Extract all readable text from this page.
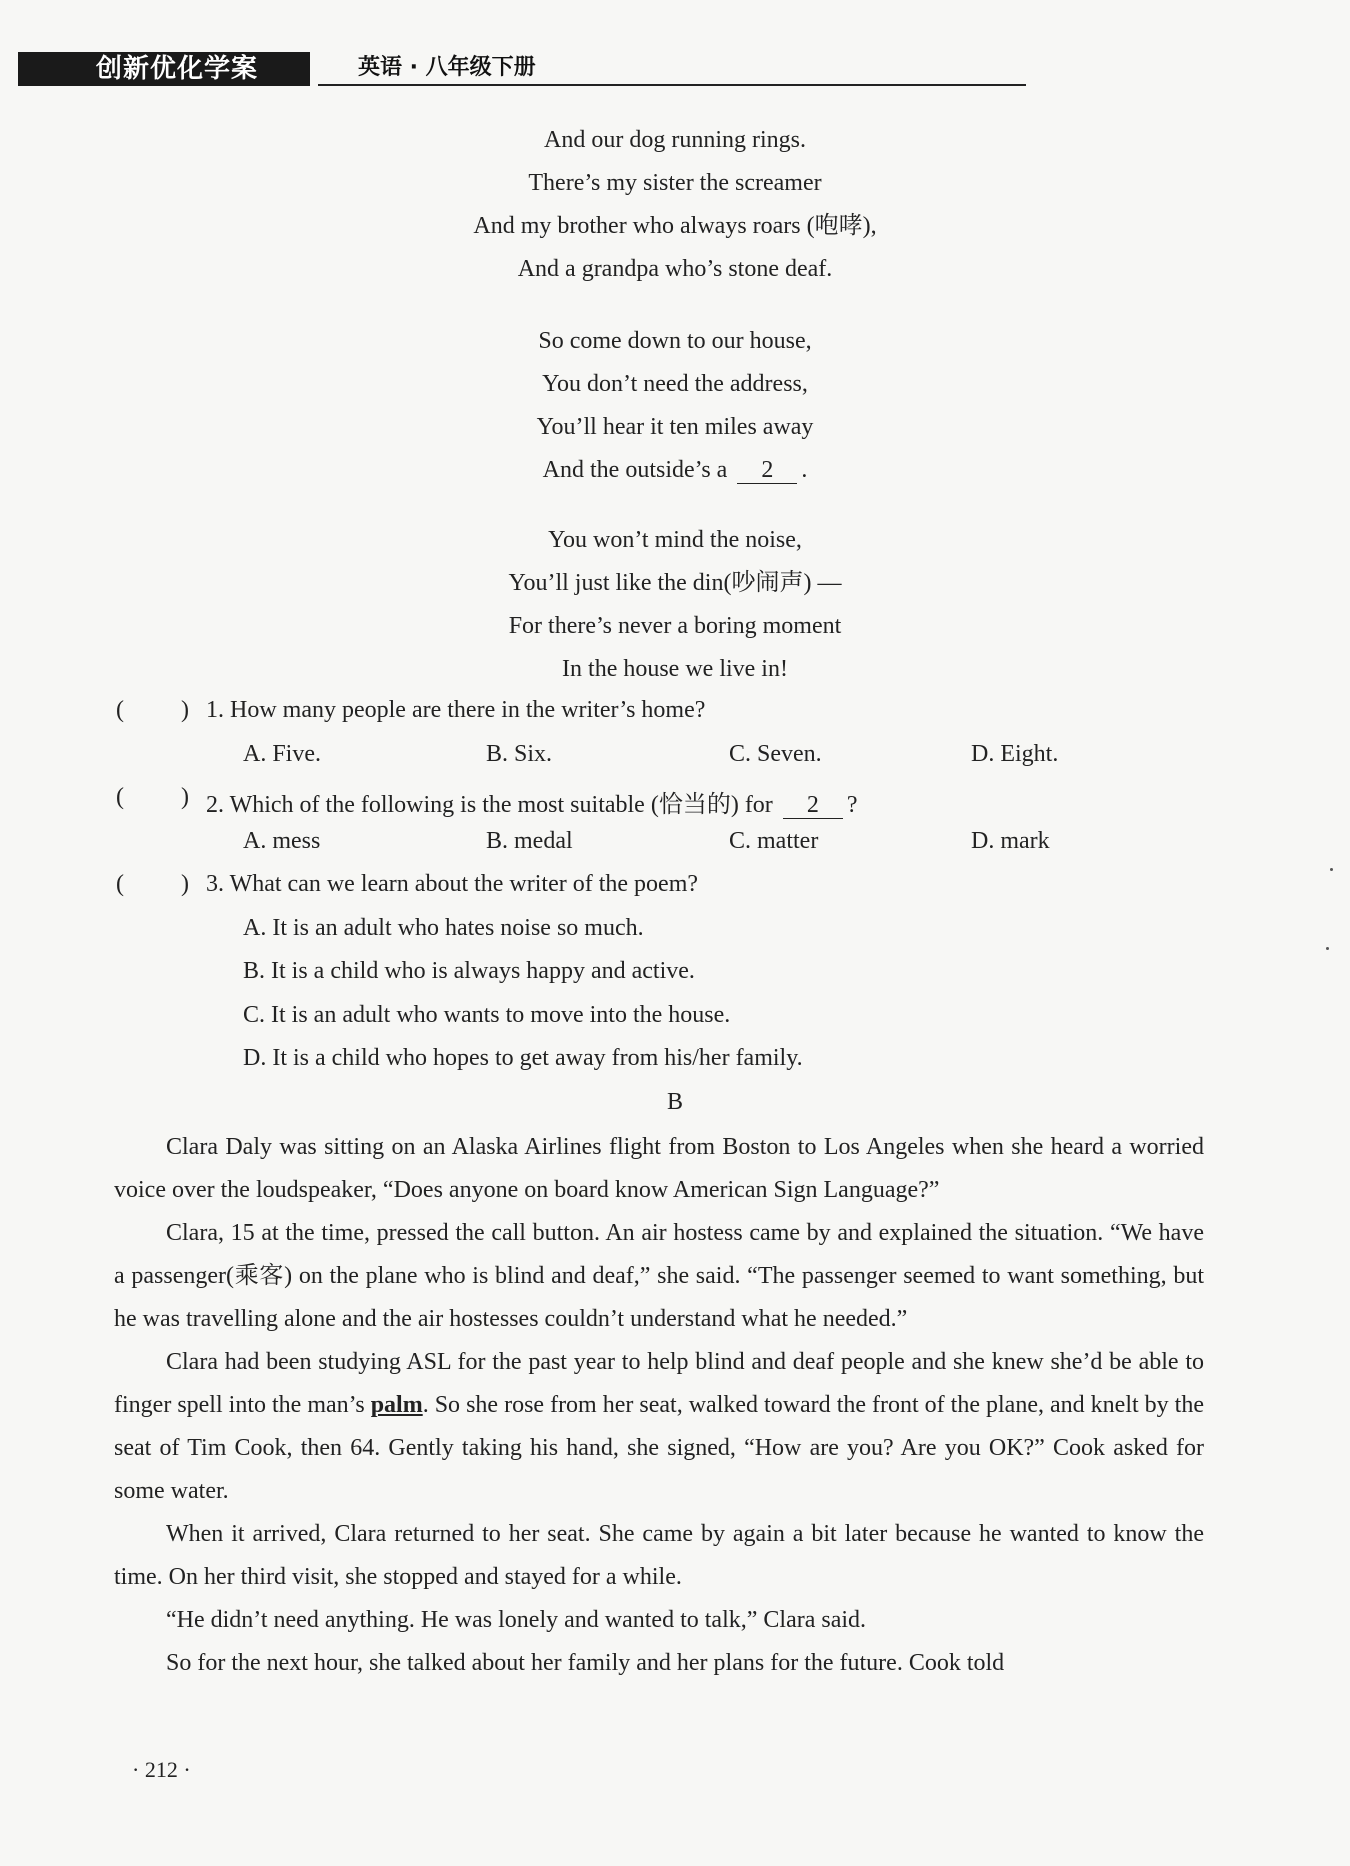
创新优化学案	英语 · 八年级下册
And our dog running rings.
There’s my sister the screamer
And my brother who always roars (咆哮),
And a grandpa who’s stone deaf.
So come down to our house,
You don’t need the address,
You’ll hear it ten miles away
And the outside’s a 2 .
You won’t mind the noise,
You’ll just like the din(吵闹声) —
For there’s never a boring moment
In the house we live in!
( ) 1. How many people are there in the writer’s home?
A. Five.	B. Six.	C. Seven.	D. Eight.
( ) 2. Which of the following is the most suitable (恰当的) for 2 ?
A. mess	B. medal	C. matter	D. mark
( ) 3. What can we learn about the writer of the poem?
A. It is an adult who hates noise so much.
B. It is a child who is always happy and active.
C. It is an adult who wants to move into the house.
D. It is a child who hopes to get away from his/her family.
B

Clara Daly was sitting on an Alaska Airlines flight from Boston to Los Angeles when she heard a worried voice over the loudspeaker, “Does anyone on board know American Sign Language?”

Clara, 15 at the time, pressed the call button. An air hostess came by and explained the situation. “We have a passenger(乘客) on the plane who is blind and deaf,” she said. “The passenger seemed to want something, but he was travelling alone and the air hostesses couldn’t understand what he needed.”

Clara had been studying ASL for the past year to help blind and deaf people and she knew she’d be able to finger spell into the man’s palm. So she rose from her seat, walked toward the front of the plane, and knelt by the seat of Tim Cook, then 64. Gently taking his hand, she signed, “How are you? Are you OK?” Cook asked for some water.

When it arrived, Clara returned to her seat. She came by again a bit later because he wanted to know the time. On her third visit, she stopped and stayed for a while.

“He didn’t need anything. He was lonely and wanted to talk,” Clara said.

So for the next hour, she talked about her family and her plans for the future. Cook told

· 212 ·
